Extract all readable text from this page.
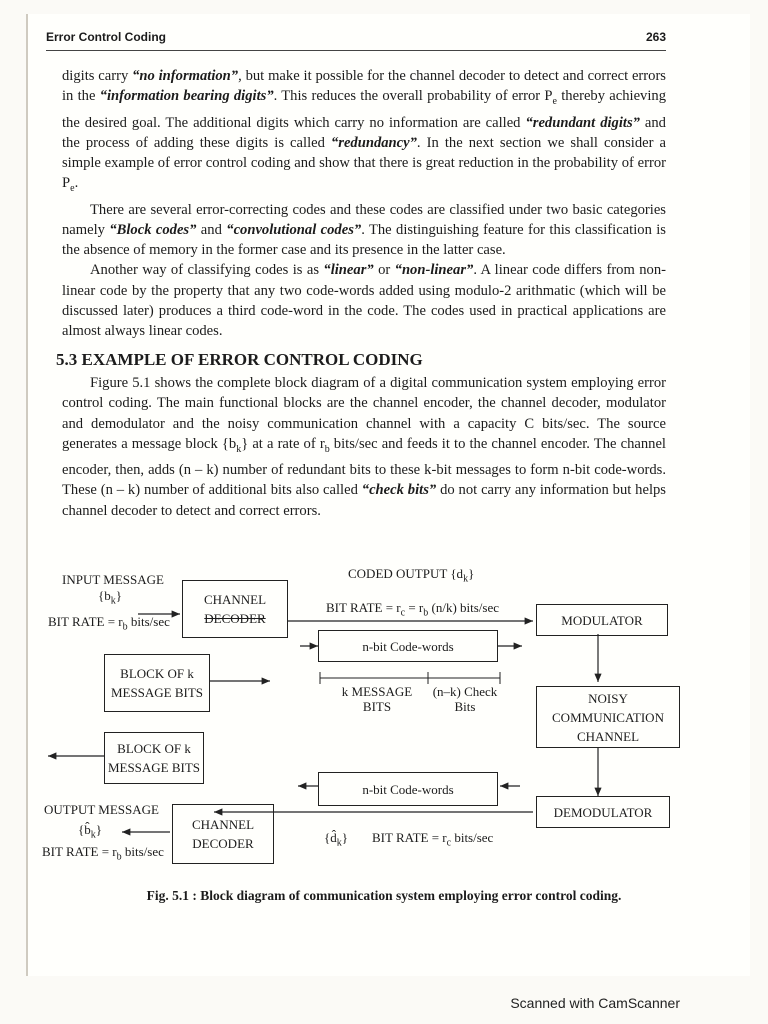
Error Control Coding	263

digits carry “no information”, but make it possible for the channel decoder to detect and correct errors in the “information bearing digits”. This reduces the overall probability of error $P_e$ thereby achieving the desired goal. The additional digits which carry no information are called “redundant digits” and the process of adding these digits is called “redundancy”. In the next section we shall consider a simple example of error control coding and show that there is great reduction in the probability of error $P_e$.

There are several error-correcting codes and these codes are classified under two basic categories namely “Block codes” and “convolutional codes”. The distinguishing feature for this classification is the absence of memory in the former case and its presence in the latter case.

Another way of classifying codes is as “linear” or “non-linear”. A linear code differs from non-linear code by the property that any two code-words added using modulo-2 arithmatic (which will be discussed later) produces a third code-word in the code. The codes used in practical applications are almost always linear codes.

5.3 EXAMPLE OF ERROR CONTROL CODING

Figure 5.1 shows the complete block diagram of a digital communication system employing error control coding. The main functional blocks are the channel encoder, the channel decoder, modulator and demodulator and the noisy communication channel with a capacity C bits/sec. The source generates a message block $\{b_k\}$ at a rate of $r_b$ bits/sec and feeds it to the channel encoder. The channel encoder, then, adds (n – k) number of redundant bits to these k-bit messages to form n-bit code-words. These (n – k) number of additional bits also called “check bits” do not carry any information but helps channel decoder to detect and correct errors.

INPUT MESSAGE
$\{b_k\}$
BIT RATE = $r_b$ bits/sec
CHANNEL
DECODER
CODED OUTPUT $\{d_k\}$
BIT RATE = $r_c = r_b$ (n/k) bits/sec
MODULATOR
n-bit Code-words
BLOCK OF k MESSAGE BITS	k MESSAGE BITS
(n–k) Check Bits
NOISY COMMUNICATION CHANNEL
BLOCK OF k MESSAGE BITS
n-bit Code-words
DEMODULATOR
OUTPUT MESSAGE
$\{b̂_k\}$
BIT RATE = $r_b$ bits/sec
CHANNEL DECODER	$\{d̂_k\}$ BIT RATE = $r_c$ bits/sec
Fig. 5.1 : Block diagram of communication system employing error control coding.
Scanned with CamScanner
